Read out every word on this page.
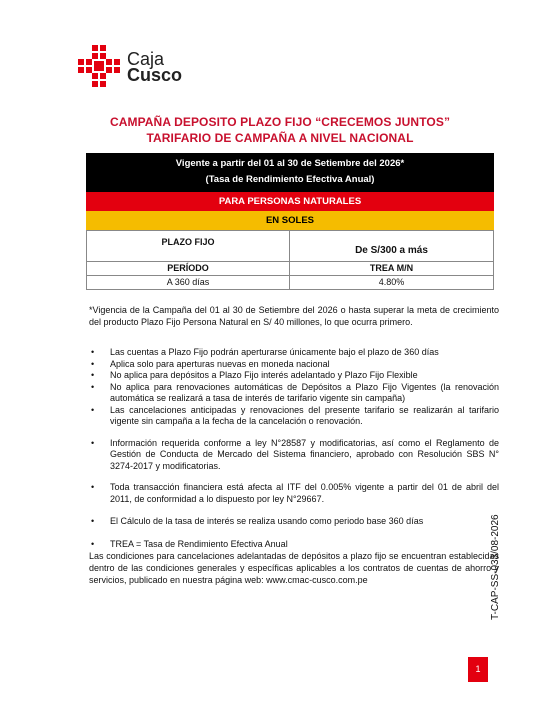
Caja
Cusco
CAMPAÑA DEPOSITO PLAZO FIJO “CRECEMOS JUNTOS”
TARIFARIO DE CAMPAÑA A NIVEL NACIONAL
Vigente a partir del 01 al 30 de Setiembre del 2026*
(Tasa de Rendimiento Efectiva Anual)
PARA PERSONAS NATURALES
EN SOLES
PLAZO FIJO
De S/300 a más
PERÍODO	TREA M/N
A 360 días	4.80%
*Vigencia de la Campaña del 01 al 30 de Setiembre del 2026 o hasta superar la meta de crecimiento del producto Plazo Fijo Persona Natural en S/ 40 millones, lo que ocurra primero.
• Las cuentas a Plazo Fijo podrán aperturarse únicamente bajo el plazo de 360 días
• Aplica solo para aperturas nuevas en moneda nacional
• No aplica para depósitos a Plazo Fijo interés adelantado y Plazo Fijo Flexible
• No aplica para renovaciones automáticas de Depósitos a Plazo Fijo Vigentes (la renovación automática se realizará a tasa de interés de tarifario vigente sin campaña)
• Las cancelaciones anticipadas y renovaciones del presente tarifario se realizarán al tarifario vigente sin campaña a la fecha de la cancelación o renovación.
• Información requerida conforme a ley N°28587 y modificatorias, así como el Reglamento de Gestión de Conducta de Mercado del Sistema financiero, aprobado con Resolución SBS N° 3274-2017 y modificatorias.
• Toda transacción financiera está afecta al ITF del 0.005% vigente a partir del 01 de abril del 2011, de conformidad a lo dispuesto por ley N°29667.
• El Cálculo de la tasa de interés se realiza usando como periodo base 360 días
• TREA = Tasa de Rendimiento Efectiva Anual
Las condiciones para cancelaciones adelantadas de depósitos a plazo fijo se encuentran establecidas dentro de las condiciones generales y específicas aplicables a los contratos de cuentas de ahorro y servicios, publicado en nuestra página web: www.cmac-cusco.com.pe	T-CAP-SS-033/08-2026
1
